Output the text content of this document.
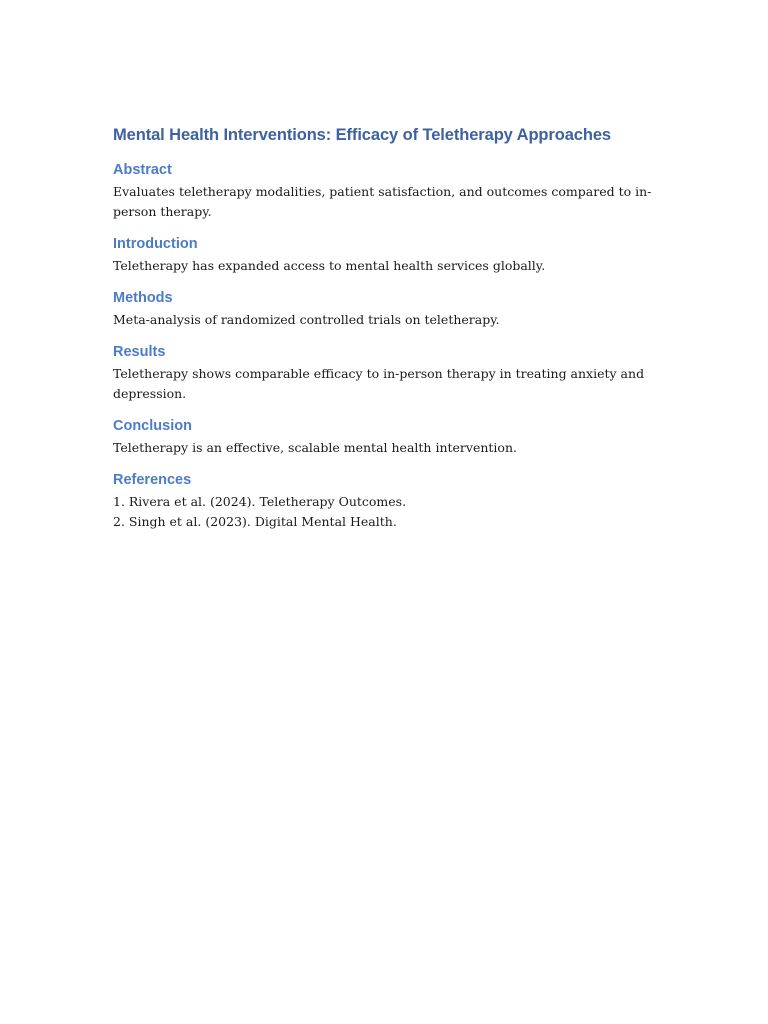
Mental Health Interventions: Efficacy of Teletherapy Approaches
Abstract

Evaluates teletherapy modalities, patient satisfaction, and outcomes compared to in-person therapy.

Introduction

Teletherapy has expanded access to mental health services globally.

Methods

Meta-analysis of randomized controlled trials on teletherapy.

Results

Teletherapy shows comparable efficacy to in-person therapy in treating anxiety and depression.

Conclusion

Teletherapy is an effective, scalable mental health intervention.

References
1. Rivera et al. (2024). Teletherapy Outcomes.
2. Singh et al. (2023). Digital Mental Health.
